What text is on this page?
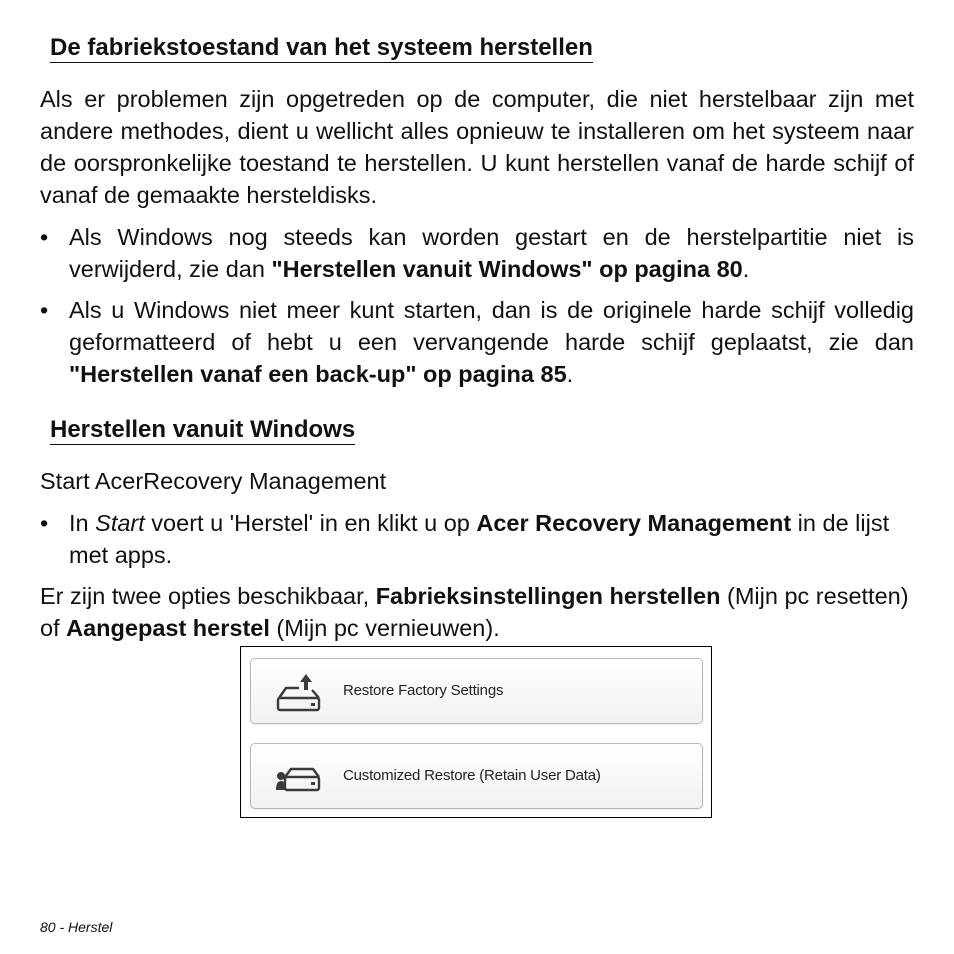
De fabriekstoestand van het systeem herstellen

Als er problemen zijn opgetreden op de computer, die niet herstelbaar zijn met andere methodes, dient u wellicht alles opnieuw te installeren om het systeem naar de oorspronkelijke toestand te herstellen. U kunt herstellen vanaf de harde schijf of vanaf de gemaakte hersteldisks.

• Als Windows nog steeds kan worden gestart en de herstelpartitie niet is verwijderd, zie dan "Herstellen vanuit Windows" op pagina 80.
• Als u Windows niet meer kunt starten, dan is de originele harde schijf volledig geformatteerd of hebt u een vervangende harde schijf geplaatst, zie dan "Herstellen vanaf een back-up" op pagina 85.
Herstellen vanuit Windows

Start AcerRecovery Management

• In Start voert u 'Herstel' in en klikt u op Acer Recovery Management in de lijst met apps.

Er zijn twee opties beschikbaar, Fabrieksinstellingen herstellen (Mijn pc resetten) of Aangepast herstel (Mijn pc vernieuwen).

Restore Factory Settings
Customized Restore (Retain User Data)

80 - Herstel
